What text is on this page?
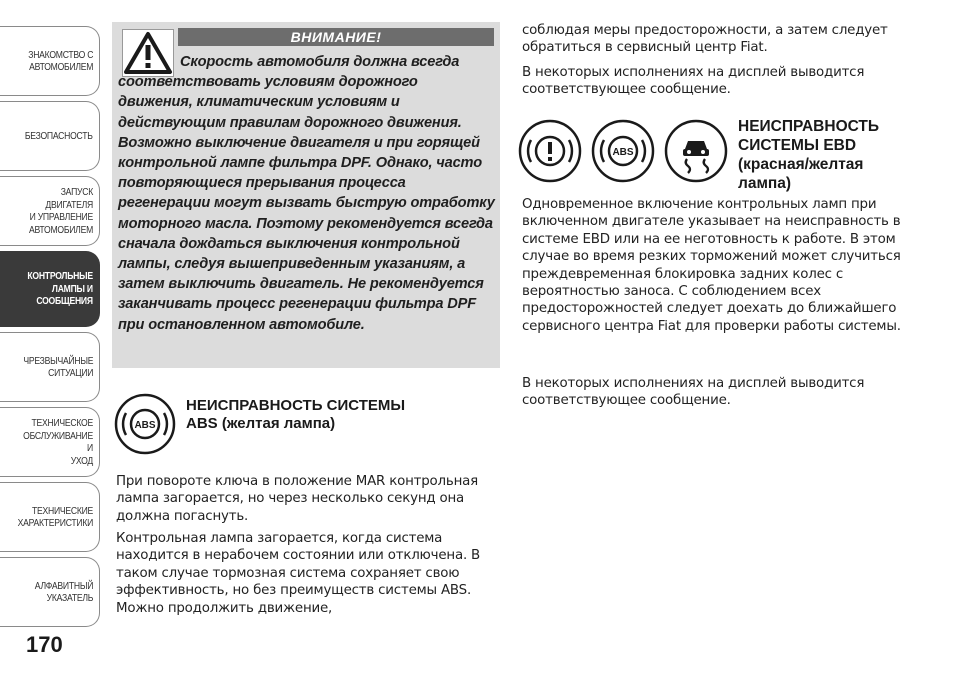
ЗНАКОМСТВО С
АВТОМОБИЛЕМ
БЕЗОПАСНОСТЬ
ЗАПУСК ДВИГАТЕЛЯ
И УПРАВЛЕНИЕ
АВТОМОБИЛЕМ
КОНТРОЛЬНЫЕ
ЛАМПЫ И
СООБЩЕНИЯ
ЧРЕЗВЫЧАЙНЫЕ
СИТУАЦИИ
ТЕХНИЧЕСКОЕ
ОБСЛУЖИВАНИЕ И
УХОД
ТЕХНИЧЕСКИЕ
ХАРАКТЕРИСТИКИ
АЛФАВИТНЫЙ
УКАЗАТЕЛЬ
170
ВНИМАНИЕ!
Скорость автомобиля должна всегда соответствовать условиям дорожного движения, климатическим условиям и действующим правилам дорожного движения. Возможно выключение двигателя и при горящей контрольной лампе фильтра DPF. Однако, часто повторяющиеся прерывания процесса регенерации могут вызвать быструю отработку моторного масла. Поэтому рекомендуется всегда сначала дождаться выключения контрольной лампы, следуя вышеприведенным указаниям, а затем выключить двигатель. Не рекомендуется заканчивать процесс регенерации фильтра DPF при остановленном автомобиле.
ABS
НЕИСПРАВНОСТЬ СИСТЕМЫ
ABS (желтая лампа)
При повороте ключа в положение MAR контрольная лампа загорается, но через несколько секунд она должна погаснуть.
Контрольная лампа загорается, когда система находится в нерабочем состоянии или отключена. В таком случае тормозная система сохраняет свою эффективность, но без преимуществ системы ABS. Можно продолжить движение,
соблюдая меры предосторожности, а затем следует обратиться в сервисный центр Fiat.
В некоторых исполнениях на дисплей выводится соответствующее сообщение.
ABS
НЕИСПРАВНОСТЬ
СИСТЕМЫ EBD
(красная/желтая
лампа)
Одновременное включение контрольных ламп при включенном двигателе указывает на неисправность в системе EBD или на ее неготовность к работе. В этом случае во время резких торможений может случиться преждевременная блокировка задних колес с вероятностью заноса. С соблюдением всех предосторожностей следует доехать до ближайшего сервисного центра Fiat для проверки работы системы.
В некоторых исполнениях на дисплей выводится соответствующее сообщение.
